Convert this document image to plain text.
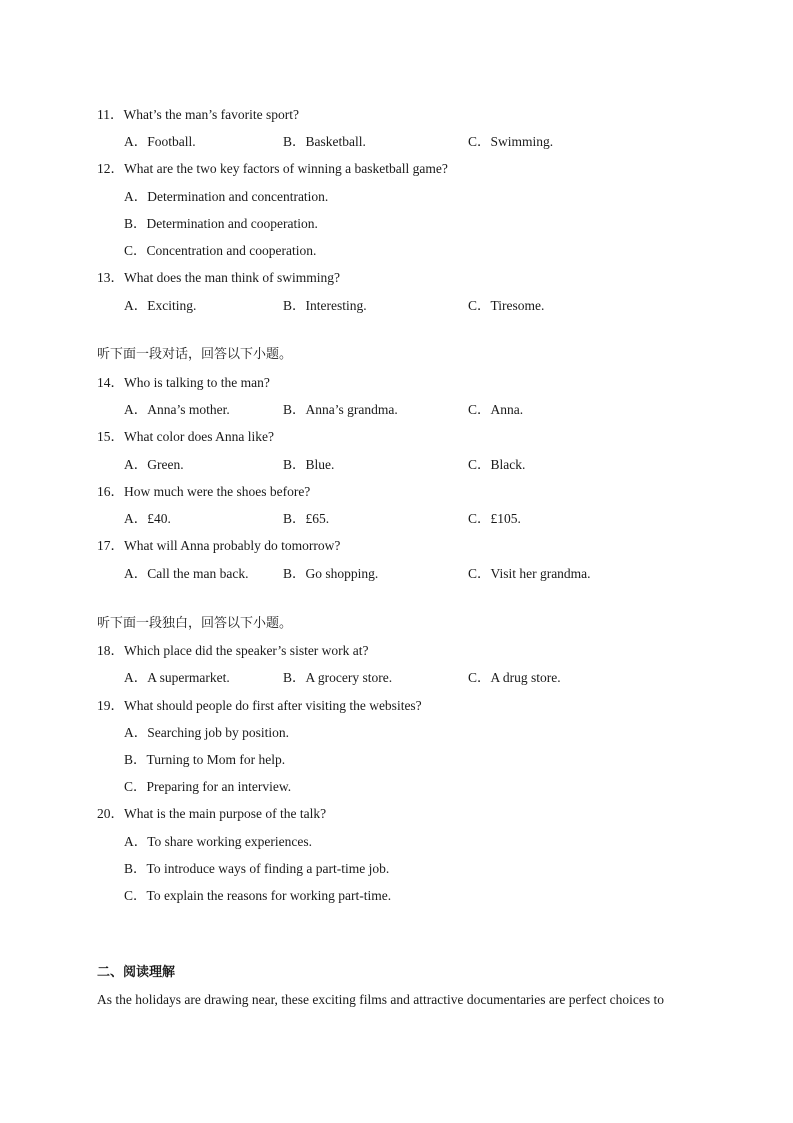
11．What’s the man’s favorite sport?
A．Football.	B．Basketball.	C．Swimming.
12．What are the two key factors of winning a basketball game?
A．Determination and concentration.
B．Determination and cooperation.
C．Concentration and cooperation.
13．What does the man think of swimming?
A．Exciting.	B．Interesting.	C．Tiresome.
听下面一段对话，回答以下小题。
14．Who is talking to the man?
A．Anna’s mother.	B．Anna’s grandma.	C．Anna.
15．What color does Anna like?
A．Green.	B．Blue.	C．Black.
16．How much were the shoes before?
A．£40.	B．£65.	C．£105.
17．What will Anna probably do tomorrow?
A．Call the man back.	B．Go shopping.	C．Visit her grandma.
听下面一段独白，回答以下小题。
18．Which place did the speaker’s sister work at?
A．A supermarket.	B．A grocery store.	C．A drug store.
19．What should people do first after visiting the websites?
A．Searching job by position.
B．Turning to Mom for help.
C．Preparing for an interview.
20．What is the main purpose of the talk?
A．To share working experiences.
B．To introduce ways of finding a part-time job.
C．To explain the reasons for working part-time.
二、阅读理解
As the holidays are drawing near, these exciting films and attractive documentaries are perfect choices to
